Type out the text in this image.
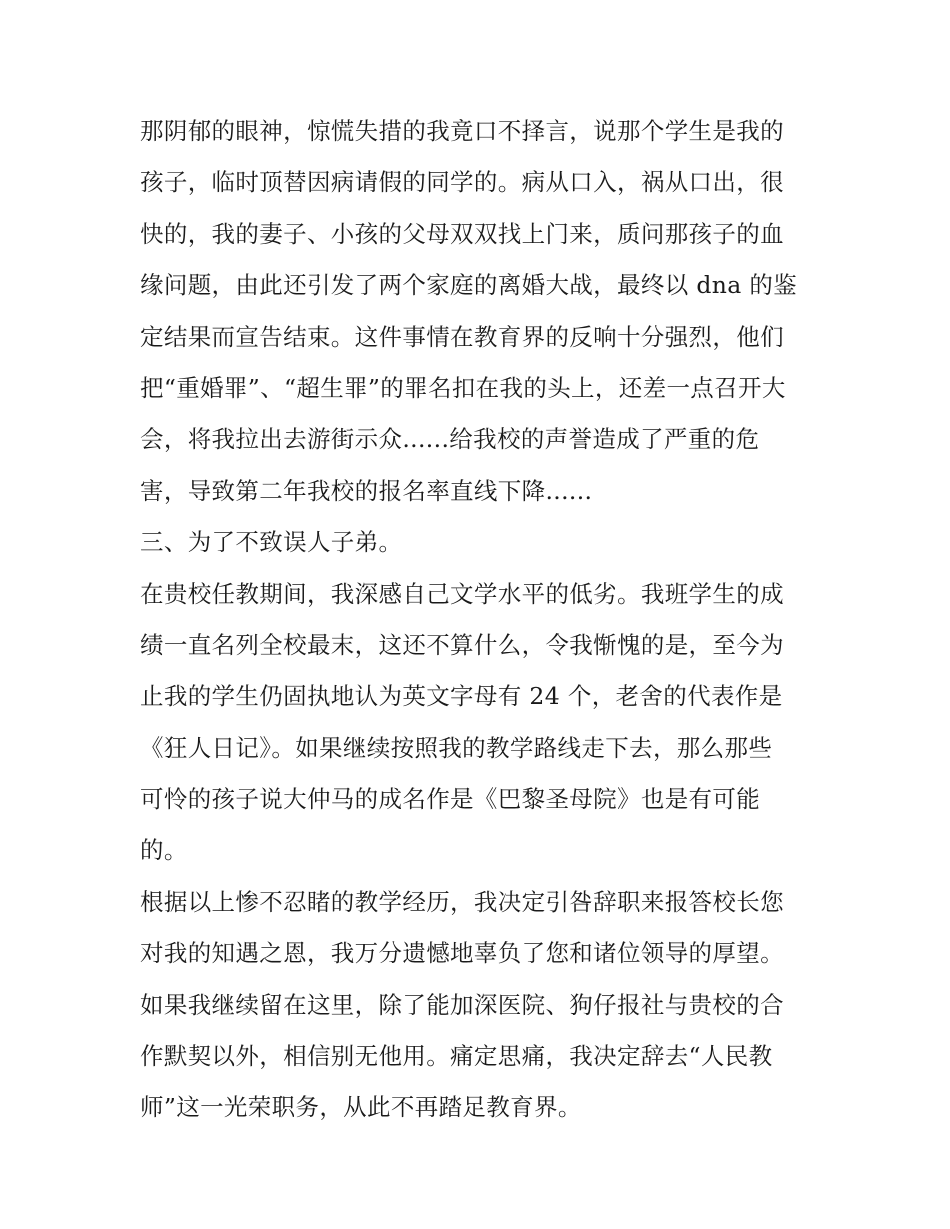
那阴郁的眼神，惊慌失措的我竟口不择言，说那个学生是我的
孩子，临时顶替因病请假的同学的。病从口入，祸从口出，很
快的，我的妻子、小孩的父母双双找上门来，质问那孩子的血
缘问题，由此还引发了两个家庭的离婚大战，最终以 dna 的鉴
定结果而宣告结束。这件事情在教育界的反响十分强烈，他们
把“重婚罪”、“超生罪”的罪名扣在我的头上，还差一点召开大
会，将我拉出去游街示众......给我校的声誉造成了严重的危
害，导致第二年我校的报名率直线下降......
三、为了不致误人子弟。
在贵校任教期间，我深感自己文学水平的低劣。我班学生的成
绩一直名列全校最末，这还不算什么，令我惭愧的是，至今为
止我的学生仍固执地认为英文字母有 24 个，老舍的代表作是
《狂人日记》。如果继续按照我的教学路线走下去，那么那些
可怜的孩子说大仲马的成名作是《巴黎圣母院》也是有可能
的。
根据以上惨不忍睹的教学经历，我决定引咎辞职来报答校长您
对我的知遇之恩，我万分遗憾地辜负了您和诸位领导的厚望。
如果我继续留在这里，除了能加深医院、狗仔报社与贵校的合
作默契以外，相信别无他用。痛定思痛，我决定辞去“人民教
师”这一光荣职务，从此不再踏足教育界。
